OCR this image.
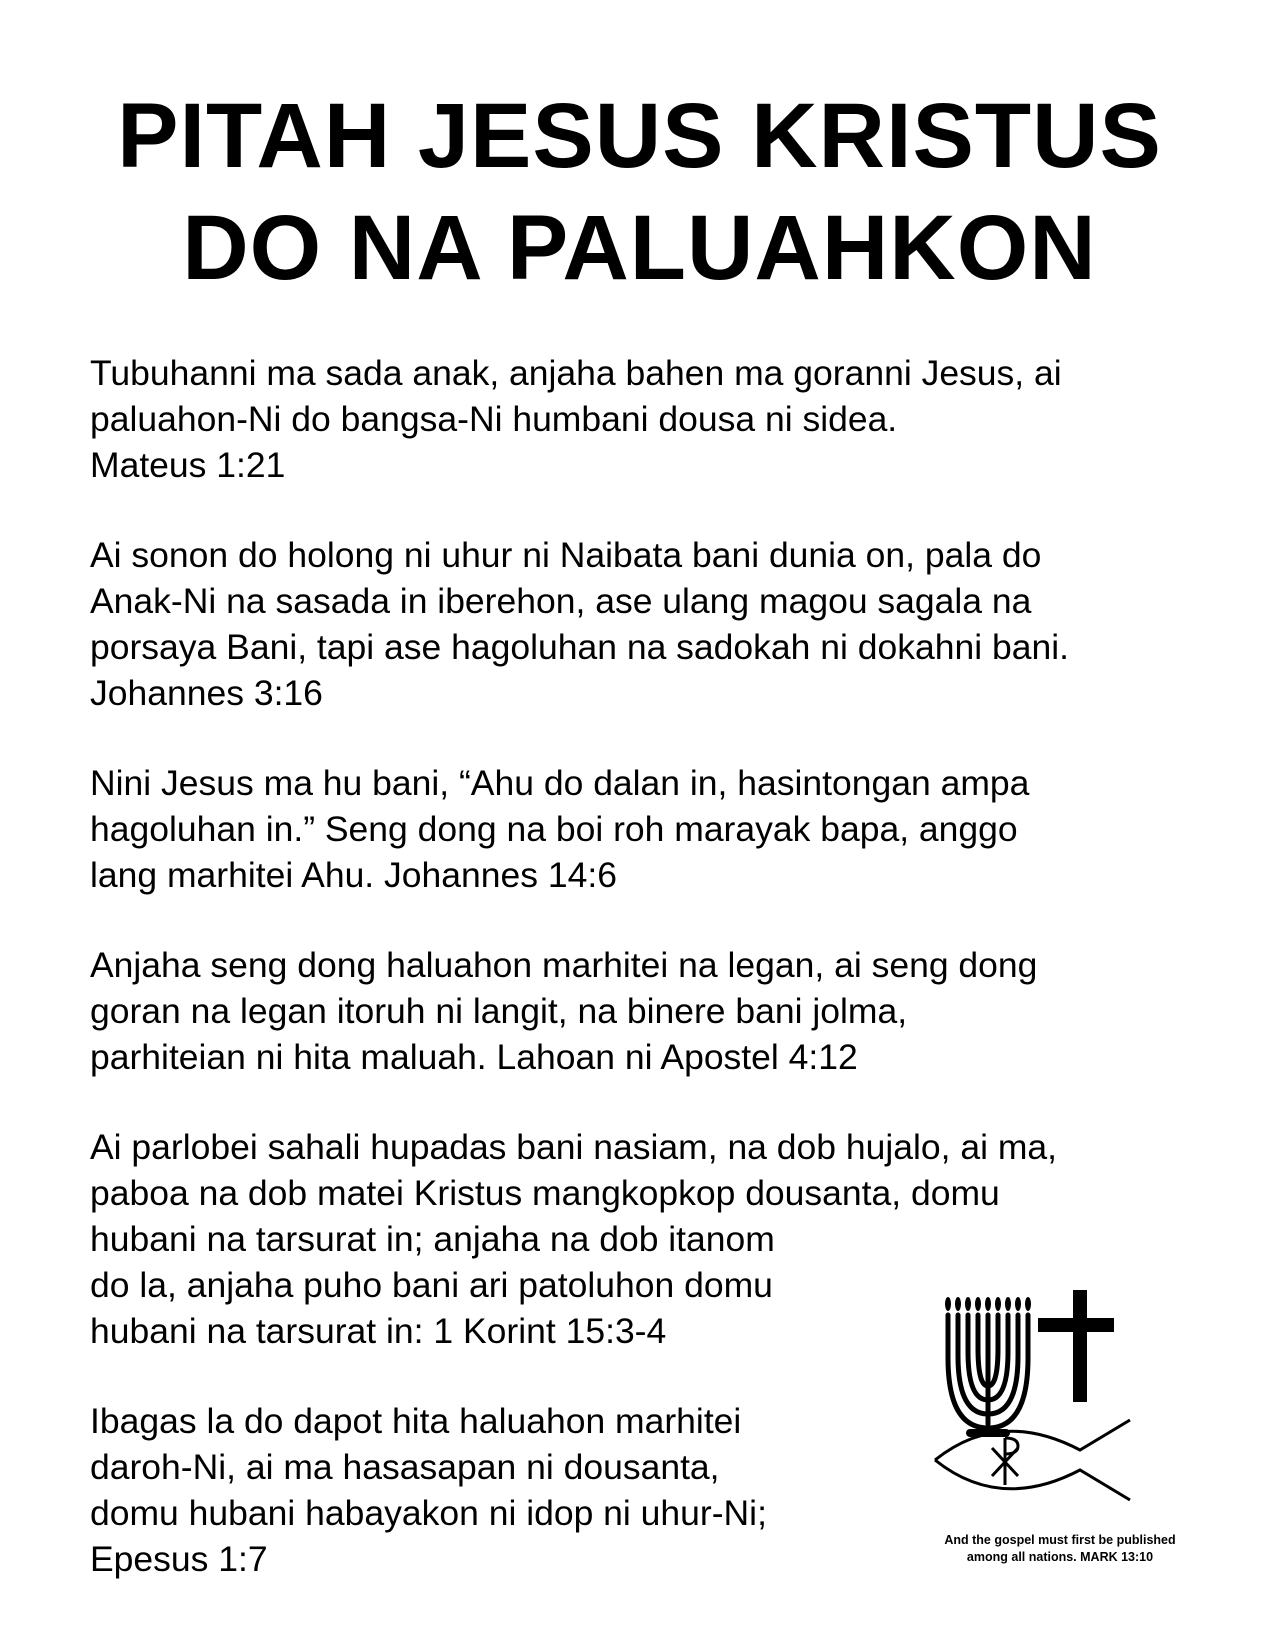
PITAH JESUS KRISTUS
DO NA PALUAHKON
Tubuhanni ma sada anak, anjaha bahen ma goranni Jesus, ai
paluahon-Ni do bangsa-Ni humbani dousa ni sidea.
Mateus 1:21
Ai sonon do holong ni uhur ni Naibata bani dunia on, pala do
Anak-Ni na sasada in iberehon, ase ulang magou sagala na
porsaya Bani, tapi ase hagoluhan na sadokah ni dokahni bani.
Johannes 3:16
Nini Jesus ma hu bani, “Ahu do dalan in, hasintongan ampa
hagoluhan in.” Seng dong na boi roh marayak bapa, anggo
lang marhitei Ahu. Johannes 14:6
Anjaha seng dong haluahon marhitei na legan, ai seng dong
goran na legan itoruh ni langit, na binere bani jolma,
parhiteian ni hita maluah. Lahoan ni Apostel 4:12
Ai parlobei sahali hupadas bani nasiam, na dob hujalo, ai ma,
paboa na dob matei Kristus mangkopkop dousanta, domu
hubani na tarsurat in; anjaha na dob itanom
do la, anjaha puho bani ari patoluhon domu
hubani na tarsurat in: 1 Korint 15:3-4
Ibagas la do dapot hita haluahon marhitei
daroh-Ni, ai ma hasasapan ni dousanta,
domu hubani habayakon ni idop ni uhur-Ni;
Epesus 1:7	And the gospel must first be published
among all nations. MARK 13:10
